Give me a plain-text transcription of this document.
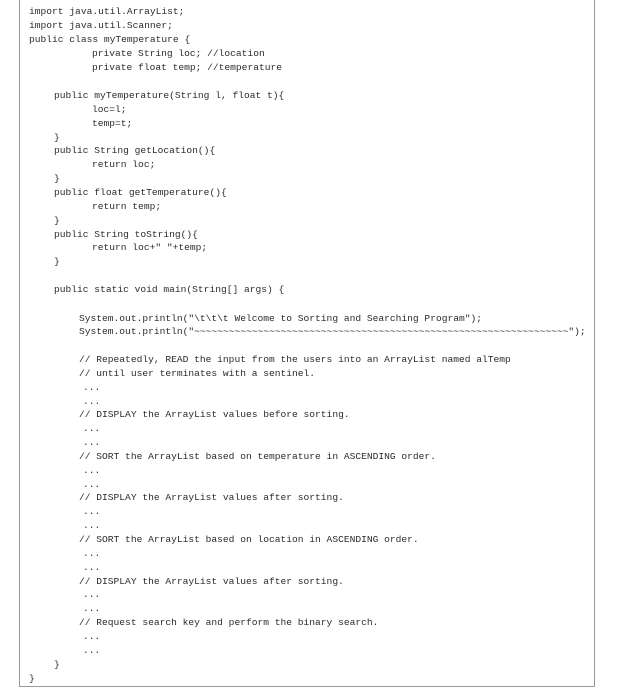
import java.util.ArrayList;
import java.util.Scanner;
public class myTemperature {
private String loc; //location
private float temp; //temperature
public myTemperature(String l, float t){
loc=l;
temp=t;
}
public String getLocation(){
return loc;
}
public float getTemperature(){
return temp;
}
public String toString(){
return loc+" "+temp;
}
public static void main(String[] args) {
System.out.println("\t\t\t Welcome to Sorting and Searching Program");
System.out.println("~~~~~~~~~~~~~~~~~~~~~~~~~~~~~~~~~~~~~~~~~~~~~~~~~~~~~~~~~~~~~~~~~");
// Repeatedly, READ the input from the users into an ArrayList named alTemp
// until user terminates with a sentinel.
...
...
// DISPLAY the ArrayList values before sorting.
...
...
// SORT the ArrayList based on temperature in ASCENDING order.
...
...
// DISPLAY the ArrayList values after sorting.
...
...
// SORT the ArrayList based on location in ASCENDING order.
...
...
// DISPLAY the ArrayList values after sorting.
...
...
// Request search key and perform the binary search.
...
...
}
}
